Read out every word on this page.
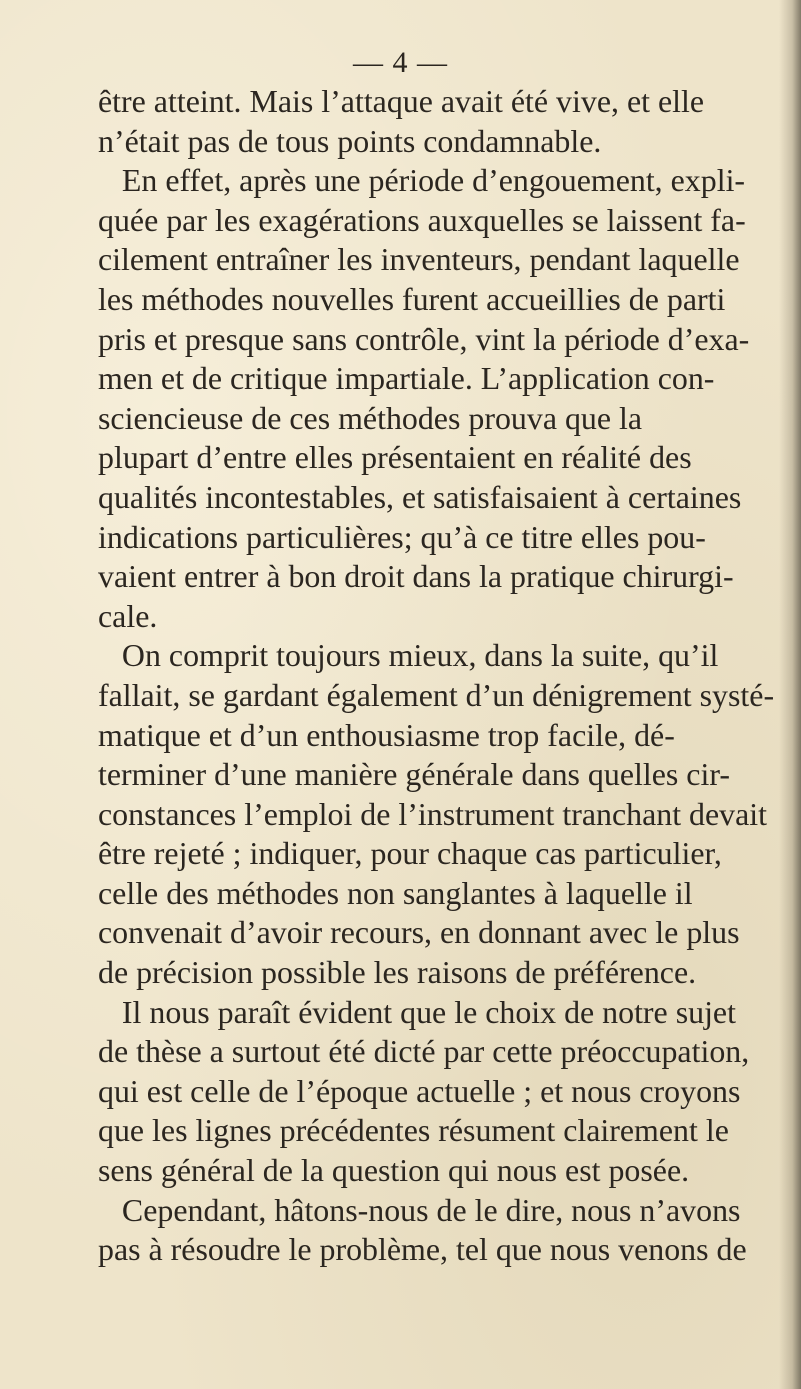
— 4 —

être atteint. Mais l’attaque avait été vive, et elle

n’était pas de tous points condamnable.

En effet, après une période d’engouement, expli-

quée par les exagérations auxquelles se laissent fa-

cilement entraîner les inventeurs, pendant laquelle

les méthodes nouvelles furent accueillies de parti

pris et presque sans contrôle, vint la période d’exa-

men et de critique impartiale. L’application con-

sciencieuse de ces méthodes prouva que la

plupart d’entre elles présentaient en réalité des

qualités incontestables, et satisfaisaient à certaines

indications particulières; qu’à ce titre elles pou-

vaient entrer à bon droit dans la pratique chirurgi-

cale.

On comprit toujours mieux, dans la suite, qu’il

fallait, se gardant également d’un dénigrement systé-

matique et d’un enthousiasme trop facile, dé-

terminer d’une manière générale dans quelles cir-

constances l’emploi de l’instrument tranchant devait

être rejeté ; indiquer, pour chaque cas particulier,

celle des méthodes non sanglantes à laquelle il

convenait d’avoir recours, en donnant avec le plus

de précision possible les raisons de préférence.

Il nous paraît évident que le choix de notre sujet

de thèse a surtout été dicté par cette préoccupation,

qui est celle de l’époque actuelle ; et nous croyons

que les lignes précédentes résument clairement le

sens général de la question qui nous est posée.

Cependant, hâtons-nous de le dire, nous n’avons

pas à résoudre le problème, tel que nous venons de
